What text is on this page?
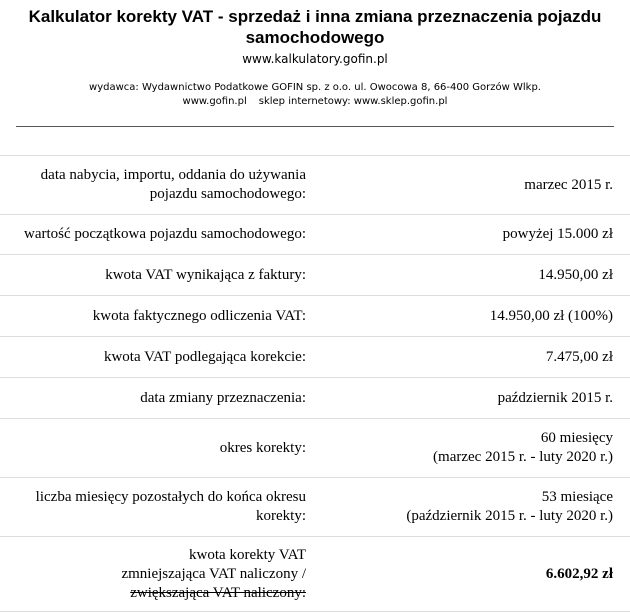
Kalkulator korekty VAT - sprzedaż i inna zmiana przeznaczenia pojazdu samochodowego
www.kalkulatory.gofin.pl
wydawca: Wydawnictwo Podatkowe GOFIN sp. z o.o. ul. Owocowa 8, 66-400 Gorzów Wlkp.
www.gofin.pl sklep internetowy: www.sklep.gofin.pl
data nabycia, importu, oddania do używania
pojazdu samochodowego:	marzec 2015 r.
wartość początkowa pojazdu samochodowego:	powyżej 15.000 zł
kwota VAT wynikająca z faktury:	14.950,00 zł
kwota faktycznego odliczenia VAT:	14.950,00 zł (100%)
kwota VAT podlegająca korekcie:	7.475,00 zł
data zmiany przeznaczenia:	październik 2015 r.
okres korekty:	60 miesięcy
(marzec 2015 r. - luty 2020 r.)
liczba miesięcy pozostałych do końca okresu
korekty:	53 miesiące
(październik 2015 r. - luty 2020 r.)
kwota korekty VAT
zmniejszająca VAT naliczony /
zwiększająca VAT naliczony:	6.602,92 zł
